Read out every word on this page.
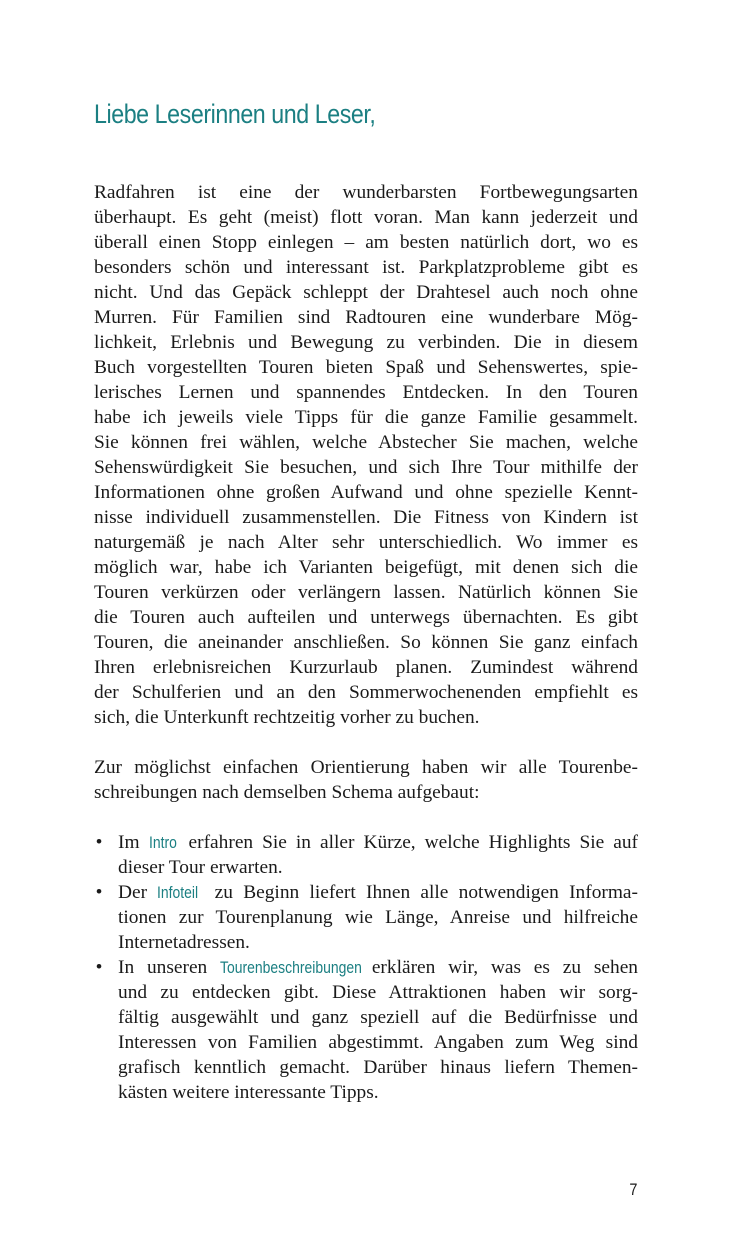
Liebe Leserinnen und Leser,
Radfahren ist eine der wunderbarsten Fortbewegungsarten
überhaupt. Es geht (meist) flott voran. Man kann jederzeit und
überall einen Stopp einlegen – am besten natürlich dort, wo es
besonders schön und interessant ist. Parkplatzprobleme gibt es
nicht. Und das Gepäck schleppt der Drahtesel auch noch ohne
Murren. Für Familien sind Radtouren eine wunderbare Mög-
lichkeit, Erlebnis und Bewegung zu verbinden. Die in diesem
Buch vorgestellten Touren bieten Spaß und Sehenswertes, spie-
lerisches Lernen und spannendes Entdecken. In den Touren
habe ich jeweils viele Tipps für die ganze Familie gesammelt.
Sie können frei wählen, welche Abstecher Sie machen, welche
Sehenswürdigkeit Sie besuchen, und sich Ihre Tour mithilfe der
Informationen ohne großen Aufwand und ohne spezielle Kennt-
nisse individuell zusammenstellen. Die Fitness von Kindern ist
naturgemäß je nach Alter sehr unterschiedlich. Wo immer es
möglich war, habe ich Varianten beigefügt, mit denen sich die
Touren verkürzen oder verlängern lassen. Natürlich können Sie
die Touren auch aufteilen und unterwegs übernachten. Es gibt
Touren, die aneinander anschließen. So können Sie ganz einfach
Ihren erlebnisreichen Kurzurlaub planen. Zumindest während
der Schulferien und an den Sommerwochenenden empfiehlt es
sich, die Unterkunft rechtzeitig vorher zu buchen.
Zur möglichst einfachen Orientierung haben wir alle Tourenbe-
schreibungen nach demselben Schema aufgebaut:
• Im Intro erfahren Sie in aller Kürze, welche Highlights Sie auf
dieser Tour erwarten.
• Der Infoteil zu Beginn liefert Ihnen alle notwendigen Informa-
tionen zur Tourenplanung wie Länge, Anreise und hilfreiche
Internetadressen.
• In unseren Tourenbeschreibungen erklären wir, was es zu sehen
und zu entdecken gibt. Diese Attraktionen haben wir sorg-
fältig ausgewählt und ganz speziell auf die Bedürfnisse und
Interessen von Familien abgestimmt. Angaben zum Weg sind
grafisch kenntlich gemacht. Darüber hinaus liefern Themen-
kästen weitere interessante Tipps.
7
